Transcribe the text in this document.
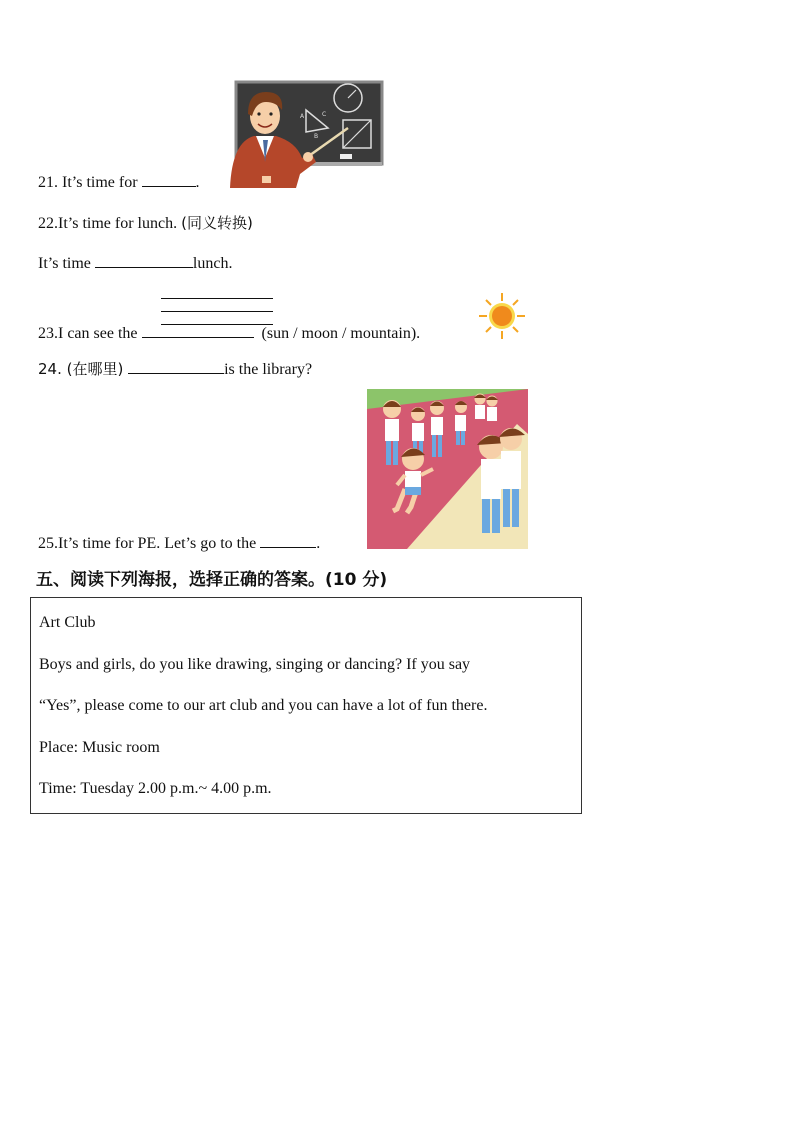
A	C
B
21. It’s time for	.
22.It’s time for lunch. (同义转换)
It’s time	lunch.
23.I can see the	(sun / moon / mountain).
24. (在哪里)	is the library?
25.It’s time for PE. Let’s go to the	.
五、阅读下列海报，选择正确的答案。(10 分)
Art Club
Boys and girls, do you like drawing, singing or dancing? If you say
“Yes”, please come to our art club and you can have a lot of fun there.
Place: Music room
Time: Tuesday 2.00 p.m.~ 4.00 p.m.
